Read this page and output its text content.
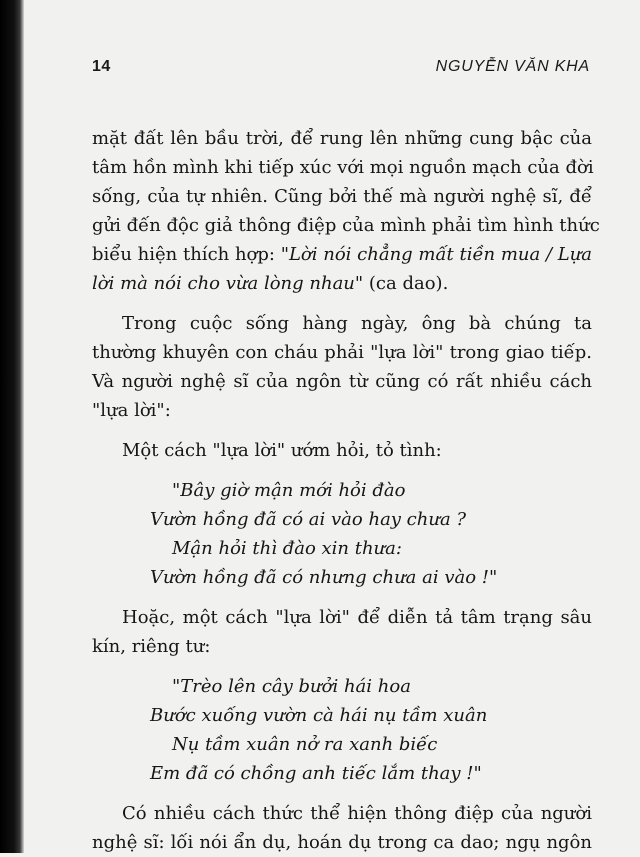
14	NGUYỄN VĂN KHA
mặt đất lên bầu trời, để rung lên những cung bậc của
tâm hồn mình khi tiếp xúc với mọi nguồn mạch của đời
sống, của tự nhiên. Cũng bởi thế mà người nghệ sĩ, để
gửi đến độc giả thông điệp của mình phải tìm hình thức
biểu hiện thích hợp: "Lời nói chẳng mất tiền mua / Lựa
lời mà nói cho vừa lòng nhau" (ca dao).
Trong cuộc sống hàng ngày, ông bà chúng ta
thường khuyên con cháu phải "lựa lời" trong giao tiếp.
Và người nghệ sĩ của ngôn từ cũng có rất nhiều cách
"lựa lời":
Một cách "lựa lời" ướm hỏi, tỏ tình:
"Bây giờ mận mới hỏi đào
Vườn hồng đã có ai vào hay chưa ?
Mận hỏi thì đào xin thưa:
Vườn hồng đã có nhưng chưa ai vào !"
Hoặc, một cách "lựa lời" để diễn tả tâm trạng sâu
kín, riêng tư:
"Trèo lên cây bưởi hái hoa
Bước xuống vườn cà hái nụ tầm xuân
Nụ tầm xuân nở ra xanh biếc
Em đã có chồng anh tiếc lắm thay !"
Có nhiều cách thức thể hiện thông điệp của người
nghệ sĩ: lối nói ẩn dụ, hoán dụ trong ca dao; ngụ ngôn
